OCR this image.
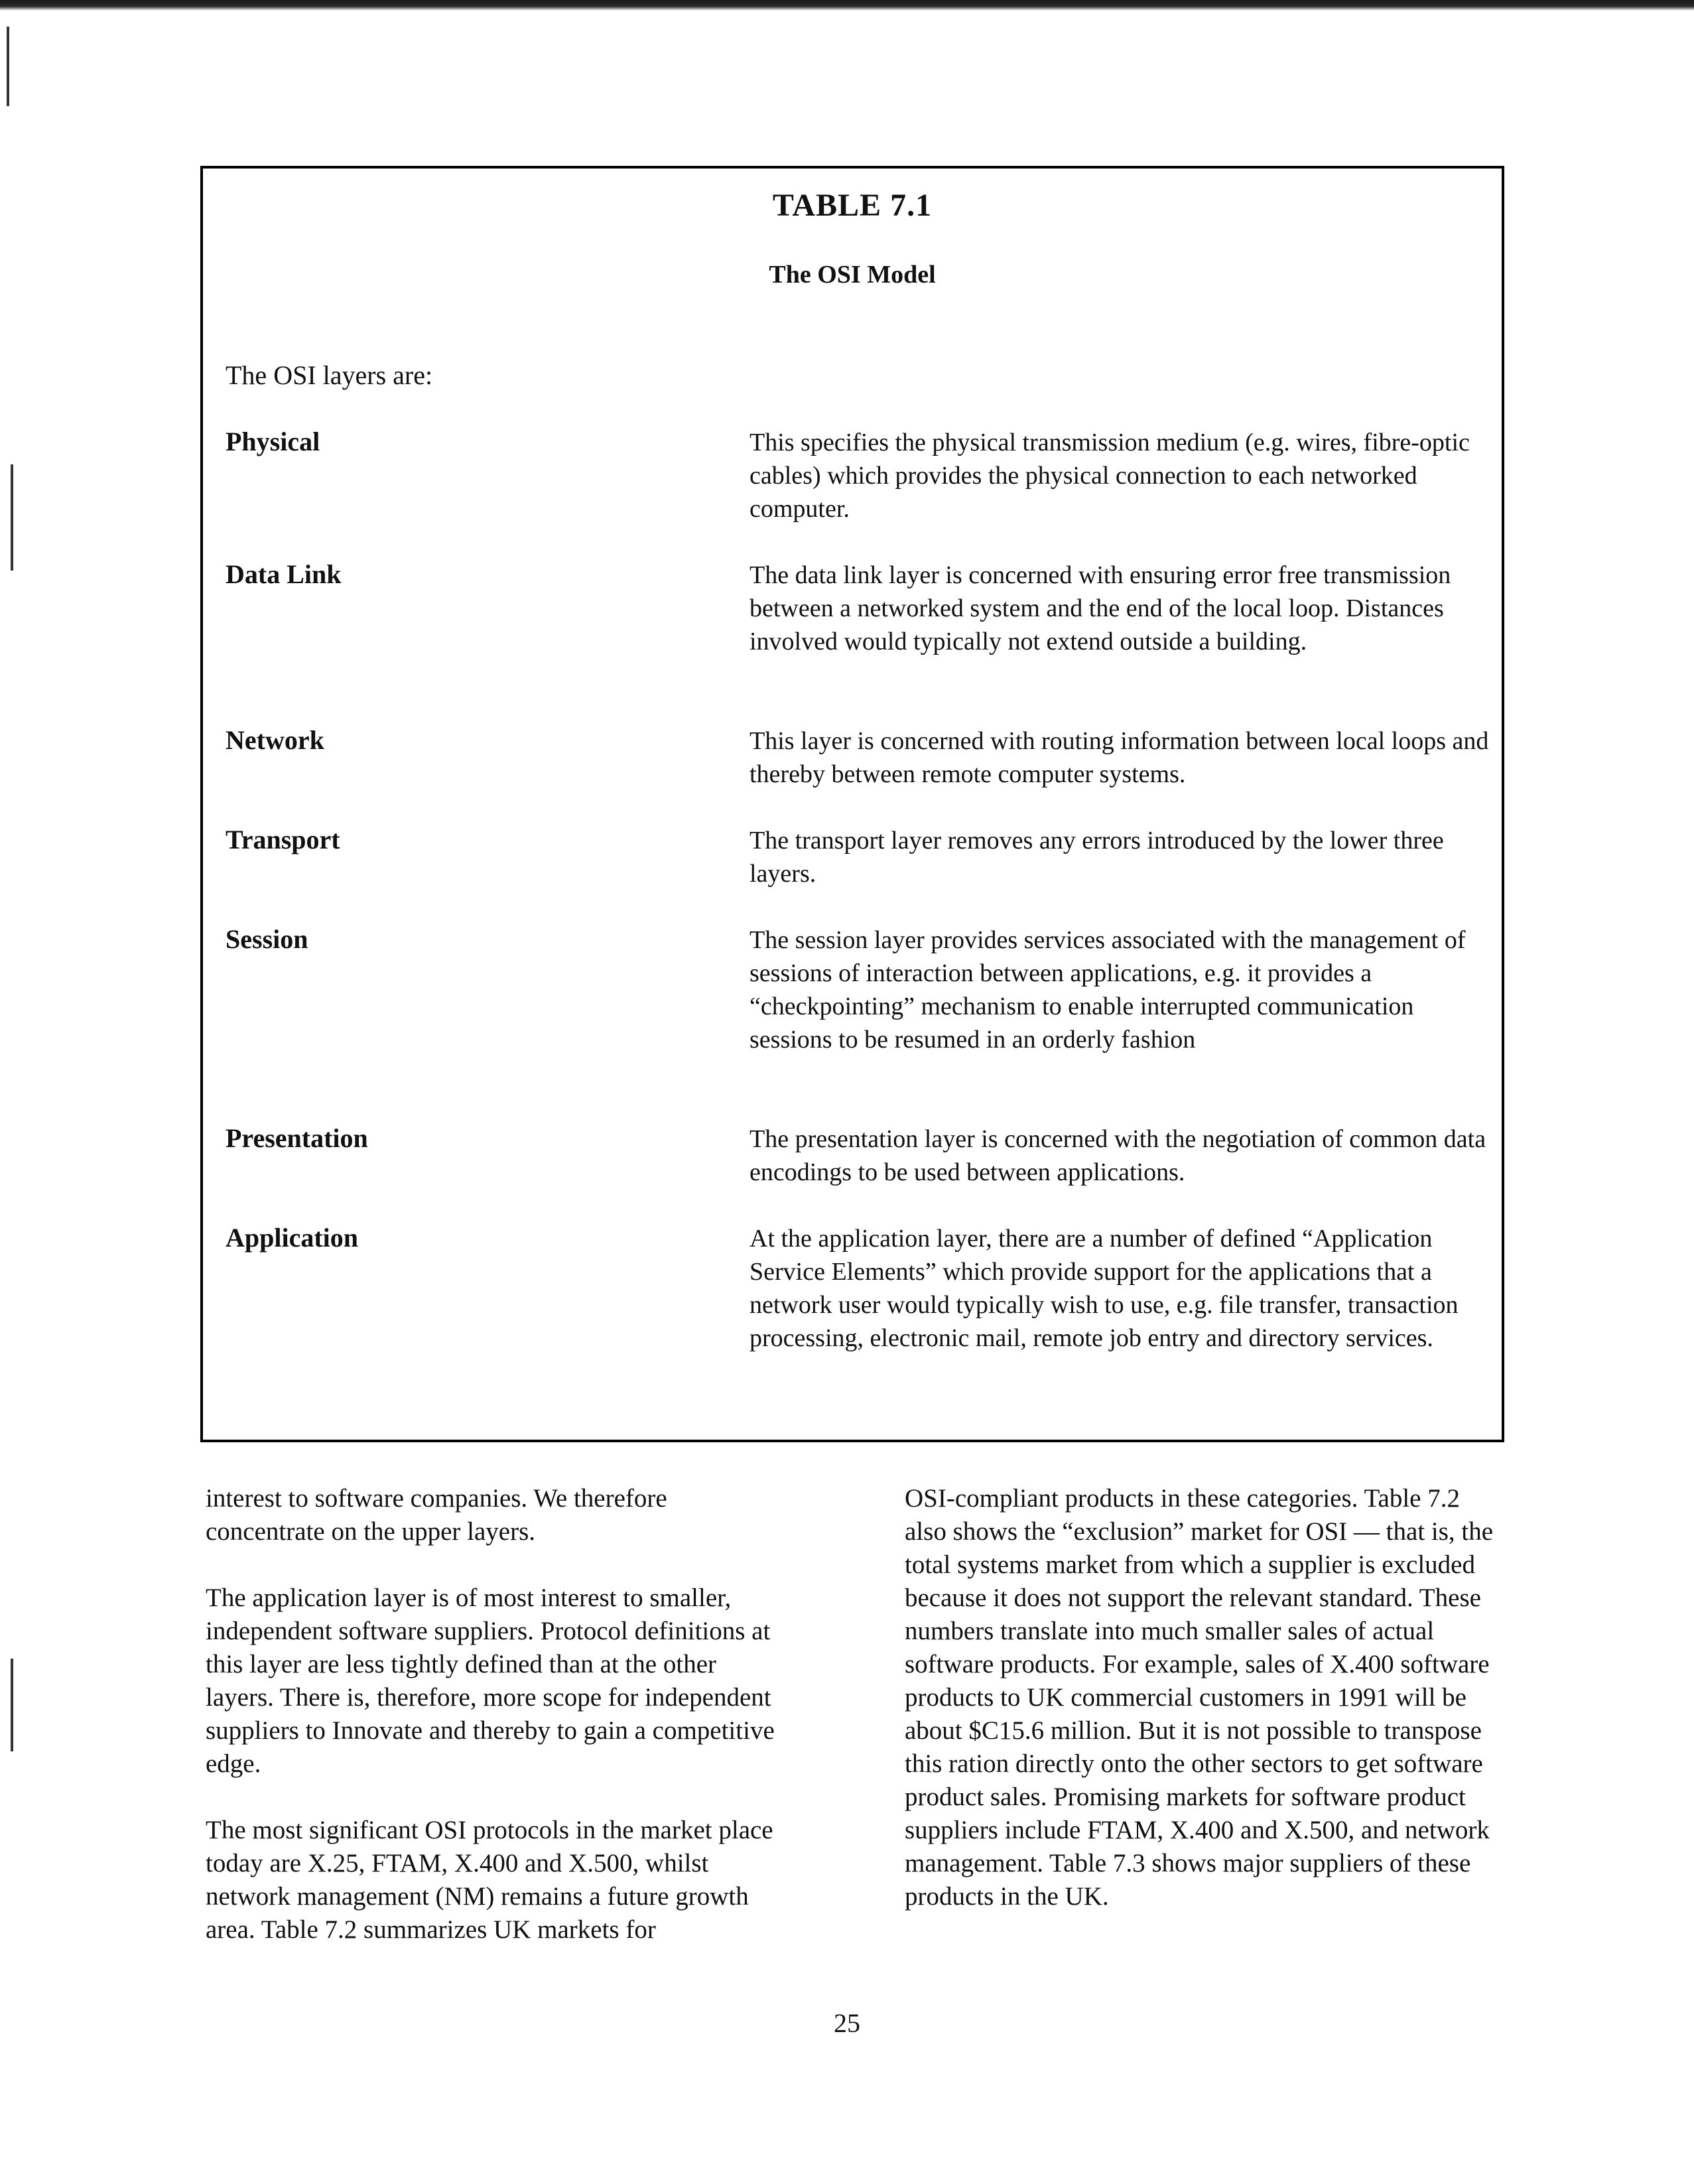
TABLE 7.1
The OSI Model
The OSI layers are:
Physical	This specifies the physical transmission medium (e.g. wires, fibre-optic cables) which provides the physical connection to each networked computer.
Data Link	The data link layer is concerned with ensuring error free transmission between a networked system and the end of the local loop. Distances involved would typically not extend outside a building.
Network	This layer is concerned with routing information between local loops and thereby between remote computer systems.
Transport	The transport layer removes any errors introduced by the lower three layers.
Session	The session layer provides services associated with the management of sessions of interaction between applications, e.g. it provides a “checkpointing” mechanism to enable interrupted communication sessions to be resumed in an orderly fashion
Presentation	The presentation layer is concerned with the negotiation of common data encodings to be used between applications.
Application	At the application layer, there are a number of defined “Application Service Elements” which provide support for the applications that a network user would typically wish to use, e.g. file transfer, transaction processing, electronic mail, remote job entry and directory services.

interest to software companies. We therefore concentrate on the upper layers.

The application layer is of most interest to smaller, independent software suppliers. Protocol definitions at this layer are less tightly defined than at the other layers. There is, therefore, more scope for independent suppliers to Innovate and thereby to gain a competitive edge.

The most significant OSI protocols in the market place today are X.25, FTAM, X.400 and X.500, whilst network management (NM) remains a future growth area. Table 7.2 summarizes UK markets for

OSI-compliant products in these categories. Table 7.2 also shows the “exclusion” market for OSI — that is, the total systems market from which a supplier is excluded because it does not support the relevant standard. These numbers translate into much smaller sales of actual software products. For example, sales of X.400 software products to UK commercial customers in 1991 will be about $C15.6 million. But it is not possible to transpose this ration directly onto the other sectors to get software product sales. Promising markets for software product suppliers include FTAM, X.400 and X.500, and network management. Table 7.3 shows major suppliers of these products in the UK.

25
